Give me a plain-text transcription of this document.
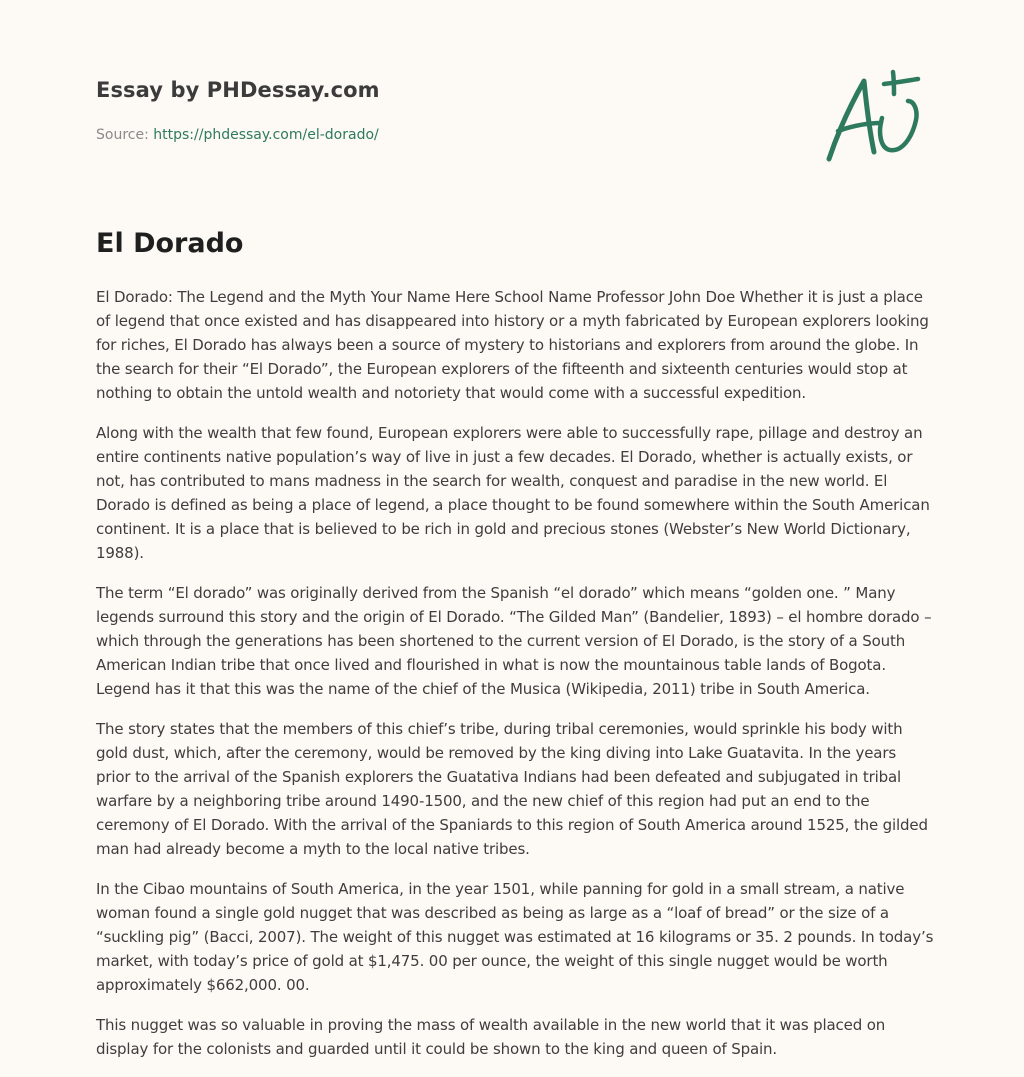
Essay by PHDessay.com
Source: https://phdessay.com/el-dorado/
El Dorado

El Dorado: The Legend and the Myth Your Name Here School Name Professor John Doe Whether it is just a place of legend that once existed and has disappeared into history or a myth fabricated by European explorers looking for riches, El Dorado has always been a source of mystery to historians and explorers from around the globe. In the search for their “El Dorado”, the European explorers of the fifteenth and sixteenth centuries would stop at nothing to obtain the untold wealth and notoriety that would come with a successful expedition.

Along with the wealth that few found, European explorers were able to successfully rape, pillage and destroy an entire continents native population’s way of live in just a few decades. El Dorado, whether is actually exists, or not, has contributed to mans madness in the search for wealth, conquest and paradise in the new world. El Dorado is defined as being a place of legend, a place thought to be found somewhere within the South American continent. It is a place that is believed to be rich in gold and precious stones (Webster’s New World Dictionary, 1988).

The term “El dorado” was originally derived from the Spanish “el dorado” which means “golden one. ” Many legends surround this story and the origin of El Dorado. “The Gilded Man” (Bandelier, 1893) – el hombre dorado – which through the generations has been shortened to the current version of El Dorado, is the story of a South American Indian tribe that once lived and flourished in what is now the mountainous table lands of Bogota. Legend has it that this was the name of the chief of the Musica (Wikipedia, 2011) tribe in South America.

The story states that the members of this chief’s tribe, during tribal ceremonies, would sprinkle his body with gold dust, which, after the ceremony, would be removed by the king diving into Lake Guatavita. In the years prior to the arrival of the Spanish explorers the Guatativa Indians had been defeated and subjugated in tribal warfare by a neighboring tribe around 1490-1500, and the new chief of this region had put an end to the ceremony of El Dorado. With the arrival of the Spaniards to this region of South America around 1525, the gilded man had already become a myth to the local native tribes.

In the Cibao mountains of South America, in the year 1501, while panning for gold in a small stream, a native woman found a single gold nugget that was described as being as large as a “loaf of bread” or the size of a “suckling pig” (Bacci, 2007). The weight of this nugget was estimated at 16 kilograms or 35. 2 pounds. In today’s market, with today’s price of gold at $1,475. 00 per ounce, the weight of this single nugget would be worth approximately $662,000. 00.

This nugget was so valuable in proving the mass of wealth available in the new world that it was placed on display for the colonists and guarded until it could be shown to the king and queen of Spain.
